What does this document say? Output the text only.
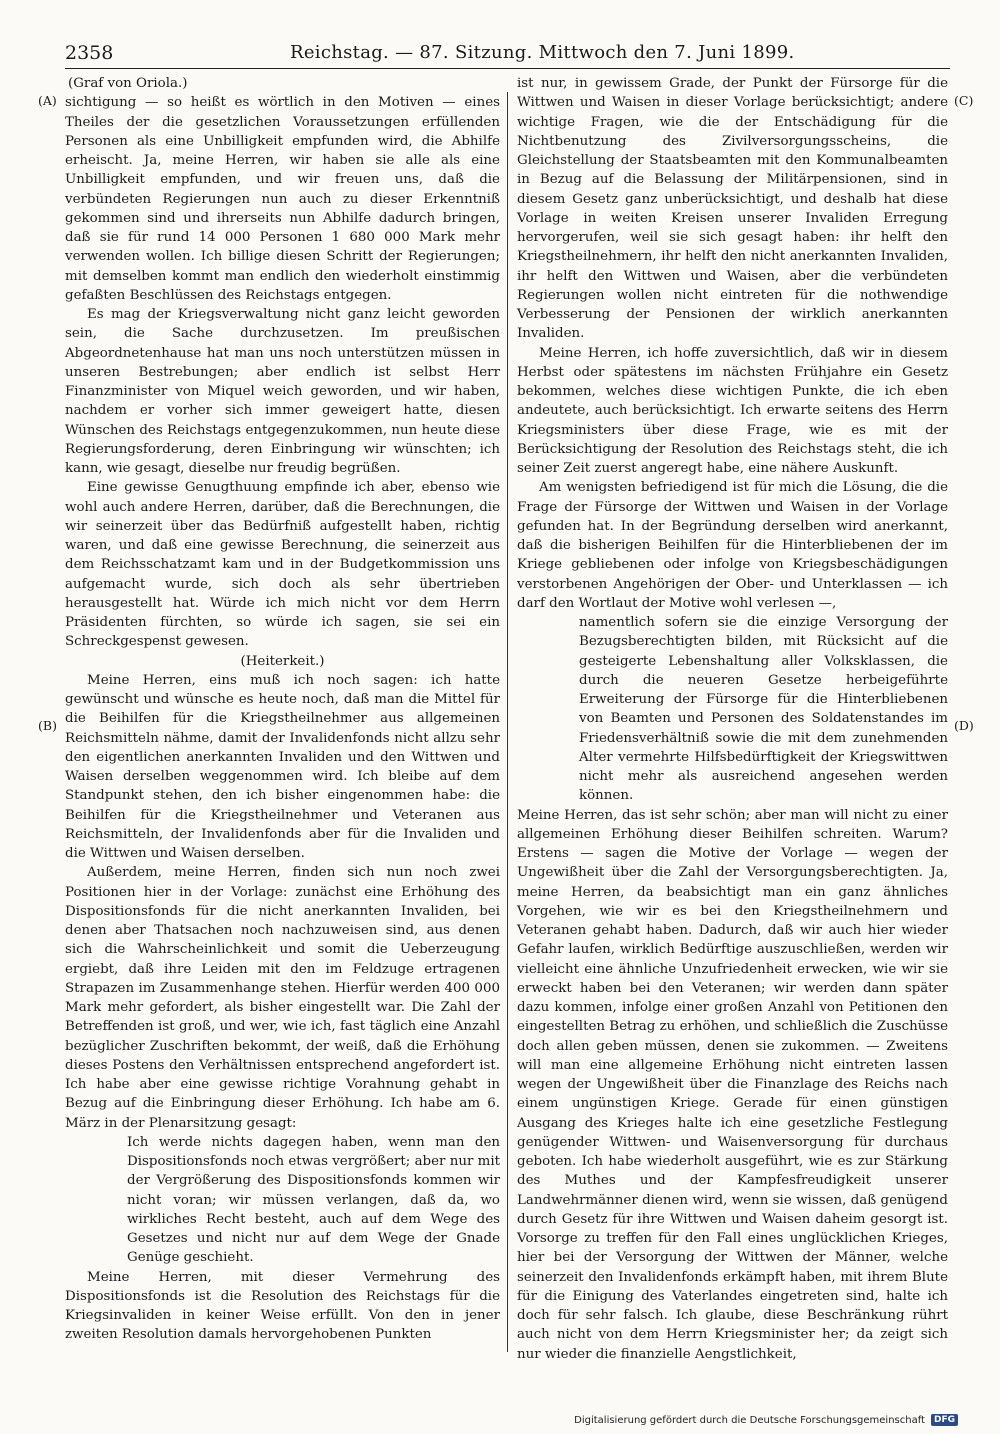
2358	Reichstag. — 87. Sitzung. Mittwoch den 7. Juni 1899.

(Graf von Oriola.)

sichtigung — so heißt es wörtlich in den Motiven — eines Theiles der die gesetzlichen Voraussetzungen erfüllenden Personen als eine Unbilligkeit empfunden wird, die Abhilfe erheischt. Ja, meine Herren, wir haben sie alle als eine Unbilligkeit empfunden, und wir freuen uns, daß die verbündeten Regierungen nun auch zu dieser Erkenntniß gekommen sind und ihrerseits nun Abhilfe dadurch bringen, daß sie für rund 14 000 Personen 1 680 000 Mark mehr verwenden wollen. Ich billige diesen Schritt der Regierungen; mit demselben kommt man endlich den wiederholt einstimmig gefaßten Beschlüssen des Reichstags entgegen.

Es mag der Kriegsverwaltung nicht ganz leicht geworden sein, die Sache durchzusetzen. Im preußischen Abgeordnetenhause hat man uns noch unterstützen müssen in unseren Bestrebungen; aber endlich ist selbst Herr Finanzminister von Miquel weich geworden, und wir haben, nachdem er vorher sich immer geweigert hatte, diesen Wünschen des Reichstags entgegenzukommen, nun heute diese Regierungsforderung, deren Einbringung wir wünschten; ich kann, wie gesagt, dieselbe nur freudig begrüßen.

Eine gewisse Genugthuung empfinde ich aber, ebenso wie wohl auch andere Herren, darüber, daß die Berechnungen, die wir seinerzeit über das Bedürfniß aufgestellt haben, richtig waren, und daß eine gewisse Berechnung, die seinerzeit aus dem Reichsschatzamt kam und in der Budgetkommission uns aufgemacht wurde, sich doch als sehr übertrieben herausgestellt hat. Würde ich mich nicht vor dem Herrn Präsidenten fürchten, so würde ich sagen, sie sei ein Schreckgespenst gewesen.

(Heiterkeit.)

Meine Herren, eins muß ich noch sagen: ich hatte gewünscht und wünsche es heute noch, daß man die Mittel für die Beihilfen für die Kriegstheilnehmer aus allgemeinen Reichsmitteln nähme, damit der Invalidenfonds nicht allzu sehr den eigentlichen anerkannten Invaliden und den Wittwen und Waisen derselben weggenommen wird. Ich bleibe auf dem Standpunkt stehen, den ich bisher eingenommen habe: die Beihilfen für die Kriegstheilnehmer und Veteranen aus Reichsmitteln, der Invalidenfonds aber für die Invaliden und die Wittwen und Waisen derselben.

Außerdem, meine Herren, finden sich nun noch zwei Positionen hier in der Vorlage: zunächst eine Erhöhung des Dispositionsfonds für die nicht anerkannten Invaliden, bei denen aber Thatsachen noch nachzuweisen sind, aus denen sich die Wahrscheinlichkeit und somit die Ueberzeugung ergiebt, daß ihre Leiden mit den im Feldzuge ertragenen Strapazen im Zusammenhange stehen. Hierfür werden 400 000 Mark mehr gefordert, als bisher eingestellt war. Die Zahl der Betreffenden ist groß, und wer, wie ich, fast täglich eine Anzahl bezüglicher Zuschriften bekommt, der weiß, daß die Erhöhung dieses Postens den Verhältnissen entsprechend angefordert ist. Ich habe aber eine gewisse richtige Vorahnung gehabt in Bezug auf die Einbringung dieser Erhöhung. Ich habe am 6. März in der Plenarsitzung gesagt:

Ich werde nichts dagegen haben, wenn man den Dispositionsfonds noch etwas vergrößert; aber nur mit der Vergrößerung des Dispositionsfonds kommen wir nicht voran; wir müssen verlangen, daß da, wo wirkliches Recht besteht, auch auf dem Wege des Gesetzes und nicht nur auf dem Wege der Gnade Genüge geschieht.

Meine Herren, mit dieser Vermehrung des Dispositionsfonds ist die Resolution des Reichstags für die Kriegsinvaliden in keiner Weise erfüllt. Von den in jener zweiten Resolution damals hervorgehobenen Punkten

ist nur, in gewissem Grade, der Punkt der Fürsorge für die Wittwen und Waisen in dieser Vorlage berücksichtigt; andere wichtige Fragen, wie die der Entschädigung für die Nichtbenutzung des Zivilversorgungsscheins, die Gleichstellung der Staatsbeamten mit den Kommunalbeamten in Bezug auf die Belassung der Militärpensionen, sind in diesem Gesetz ganz unberücksichtigt, und deshalb hat diese Vorlage in weiten Kreisen unserer Invaliden Erregung hervorgerufen, weil sie sich gesagt haben: ihr helft den Kriegstheilnehmern, ihr helft den nicht anerkannten Invaliden, ihr helft den Wittwen und Waisen, aber die verbündeten Regierungen wollen nicht eintreten für die nothwendige Verbesserung der Pensionen der wirklich anerkannten Invaliden.

Meine Herren, ich hoffe zuversichtlich, daß wir in diesem Herbst oder spätestens im nächsten Frühjahre ein Gesetz bekommen, welches diese wichtigen Punkte, die ich eben andeutete, auch berücksichtigt. Ich erwarte seitens des Herrn Kriegsministers über diese Frage, wie es mit der Berücksichtigung der Resolution des Reichstags steht, die ich seiner Zeit zuerst angeregt habe, eine nähere Auskunft.

Am wenigsten befriedigend ist für mich die Lösung, die die Frage der Fürsorge der Wittwen und Waisen in der Vorlage gefunden hat. In der Begründung derselben wird anerkannt, daß die bisherigen Beihilfen für die Hinterbliebenen der im Kriege gebliebenen oder infolge von Kriegsbeschädigungen verstorbenen Angehörigen der Ober- und Unterklassen — ich darf den Wortlaut der Motive wohl verlesen —,

namentlich sofern sie die einzige Versorgung der Bezugsberechtigten bilden, mit Rücksicht auf die gesteigerte Lebenshaltung aller Volksklassen, die durch die neueren Gesetze herbeigeführte Erweiterung der Fürsorge für die Hinterbliebenen von Beamten und Personen des Soldatenstandes im Friedensverhältniß sowie die mit dem zunehmenden Alter vermehrte Hilfsbedürftigkeit der Kriegswittwen nicht mehr als ausreichend angesehen werden können.

Meine Herren, das ist sehr schön; aber man will nicht zu einer allgemeinen Erhöhung dieser Beihilfen schreiten. Warum? Erstens — sagen die Motive der Vorlage — wegen der Ungewißheit über die Zahl der Versorgungsberechtigten. Ja, meine Herren, da beabsichtigt man ein ganz ähnliches Vorgehen, wie wir es bei den Kriegstheilnehmern und Veteranen gehabt haben. Dadurch, daß wir auch hier wieder Gefahr laufen, wirklich Bedürftige auszuschließen, werden wir vielleicht eine ähnliche Unzufriedenheit erwecken, wie wir sie erweckt haben bei den Veteranen; wir werden dann später dazu kommen, infolge einer großen Anzahl von Petitionen den eingestellten Betrag zu erhöhen, und schließlich die Zuschüsse doch allen geben müssen, denen sie zukommen. — Zweitens will man eine allgemeine Erhöhung nicht eintreten lassen wegen der Ungewißheit über die Finanzlage des Reichs nach einem ungünstigen Kriege. Gerade für einen günstigen Ausgang des Krieges halte ich eine gesetzliche Festlegung genügender Wittwen- und Waisenversorgung für durchaus geboten. Ich habe wiederholt ausgeführt, wie es zur Stärkung des Muthes und der Kampfesfreudigkeit unserer Landwehrmänner dienen wird, wenn sie wissen, daß genügend durch Gesetz für ihre Wittwen und Waisen daheim gesorgt ist. Vorsorge zu treffen für den Fall eines unglücklichen Krieges, hier bei der Versorgung der Wittwen der Männer, welche seinerzeit den Invalidenfonds erkämpft haben, mit ihrem Blute für die Einigung des Vaterlandes eingetreten sind, halte ich doch für sehr falsch. Ich glaube, diese Beschränkung rührt auch nicht von dem Herrn Kriegsminister her; da zeigt sich nur wieder die finanzielle Aengstlichkeit,

(A)
(B)
(C)
(D)
Digitalisierung gefördert durch die Deutsche Forschungsgemeinschaft	DFG
